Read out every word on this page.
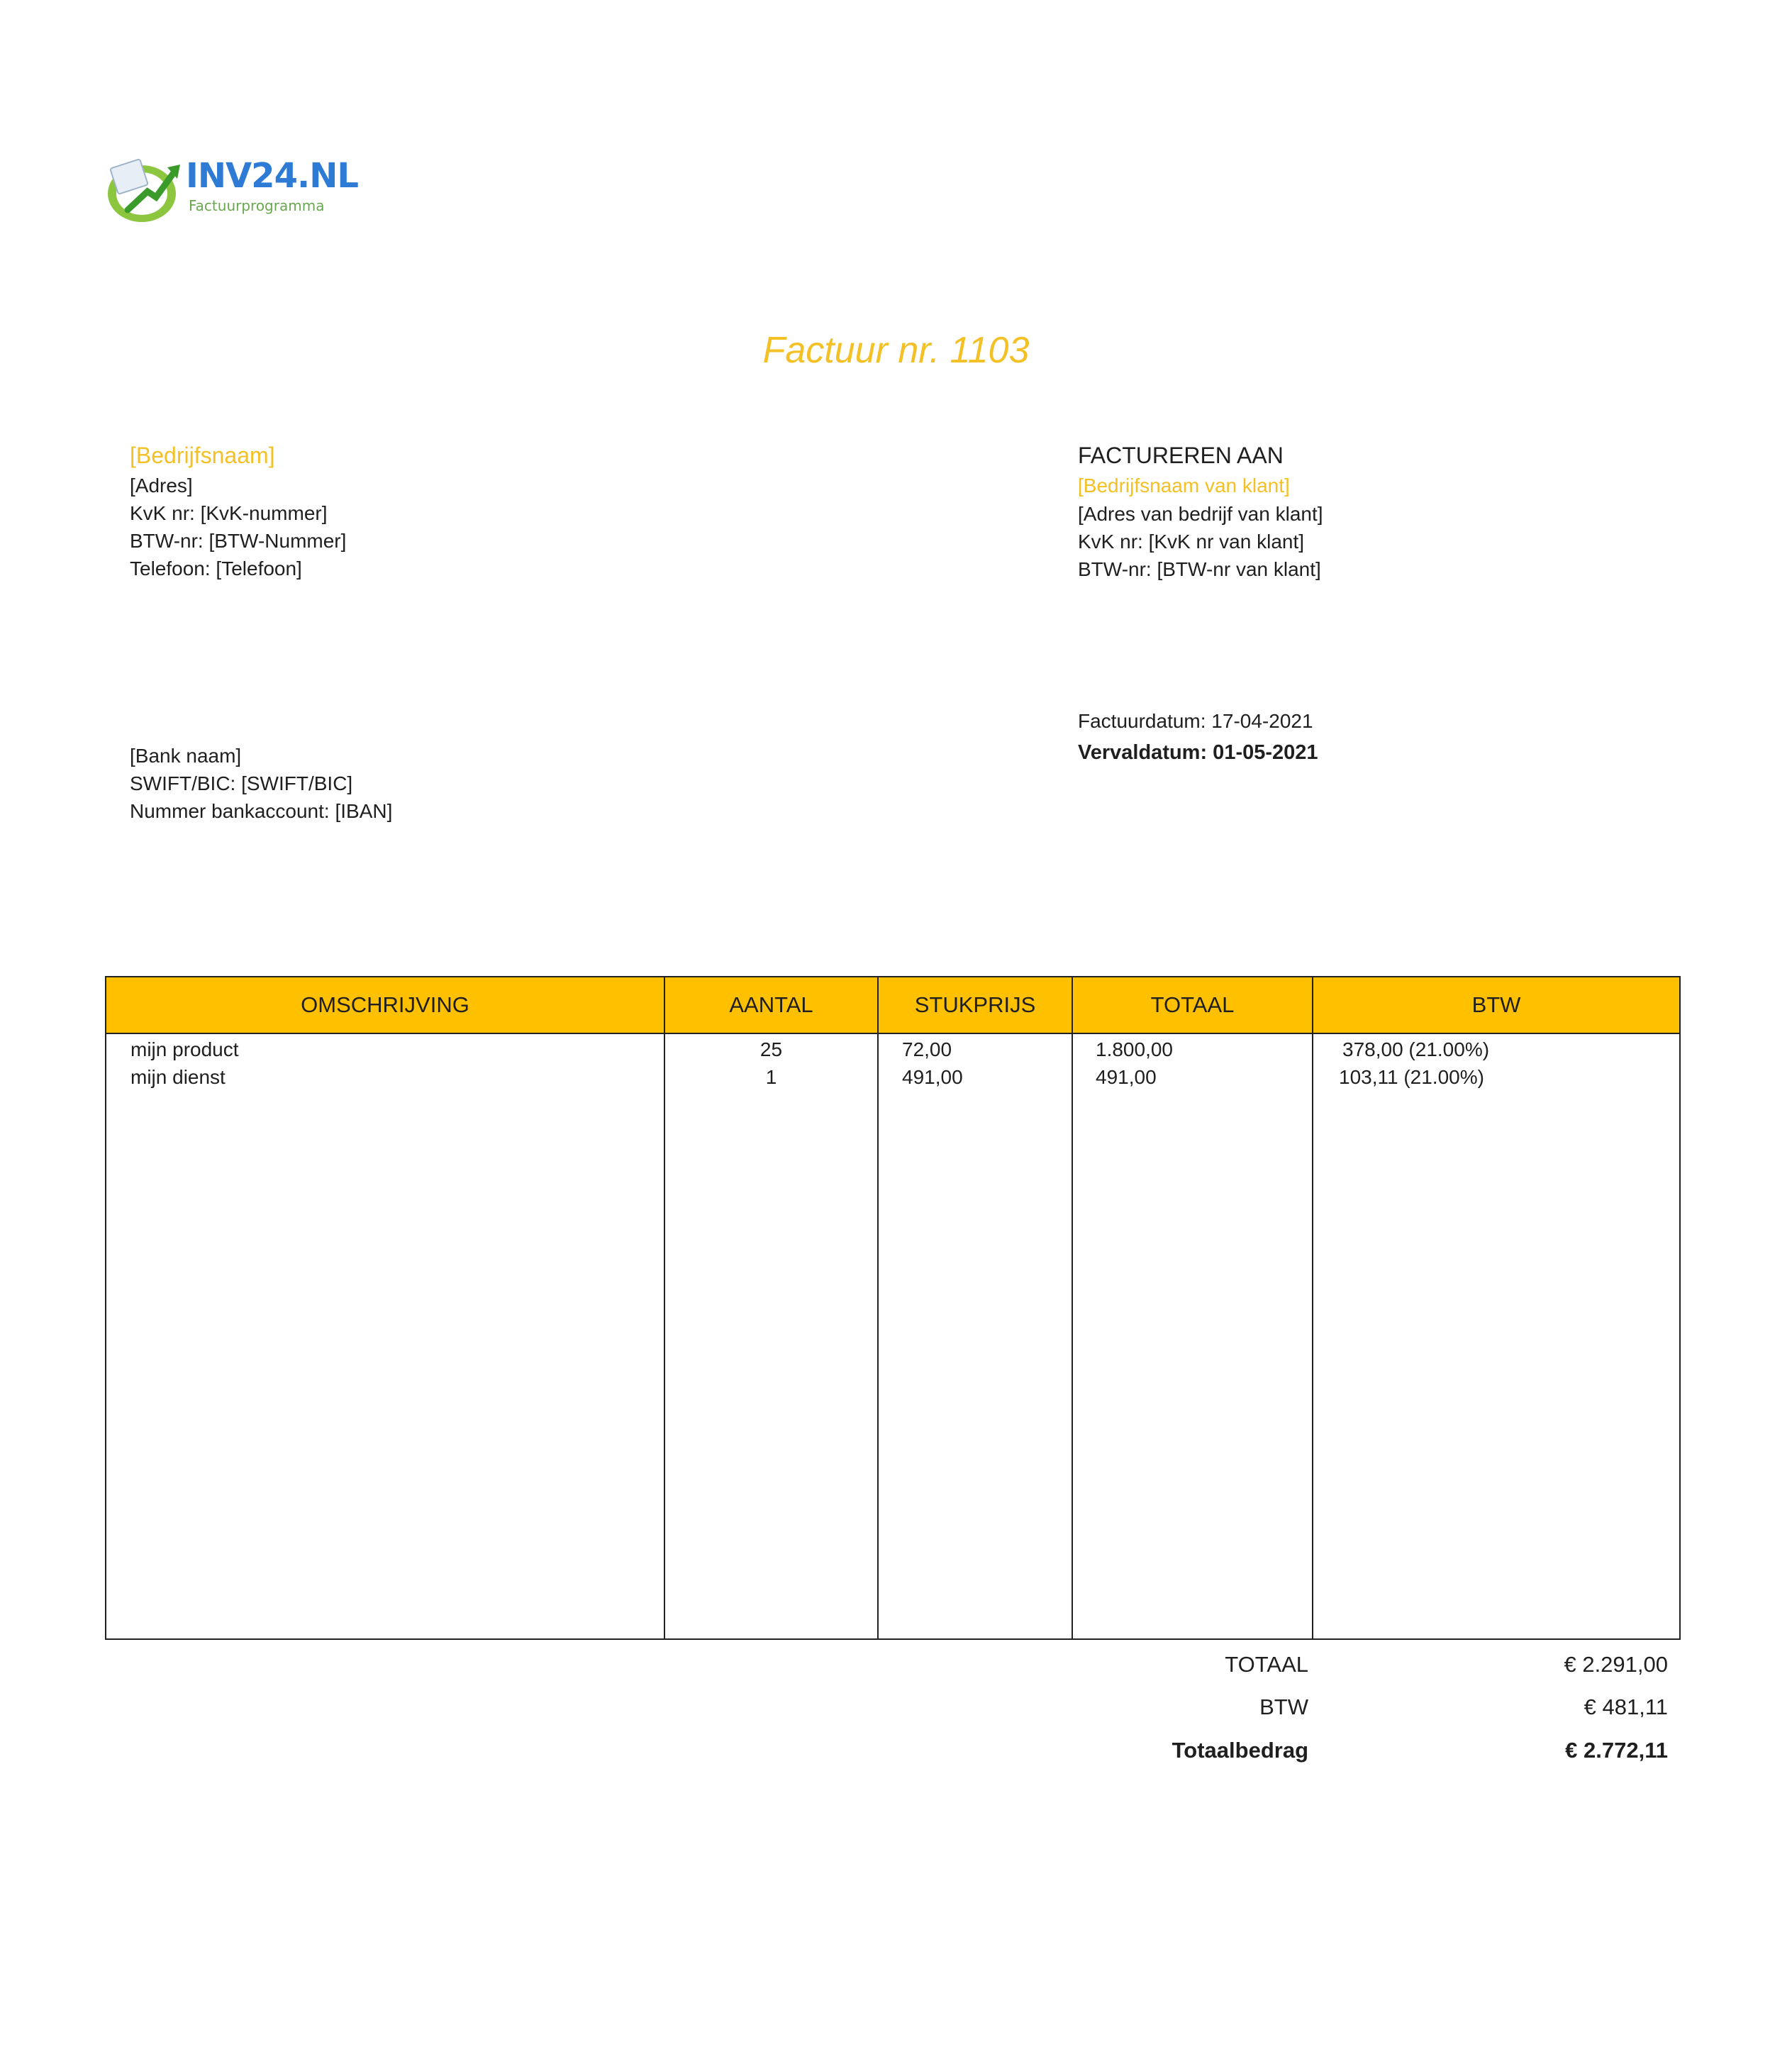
INV24.NL
Factuurprogramma
Factuur nr. 1103
[Bedrijfsnaam]
[Adres]
KvK nr: [KvK-nummer]
BTW-nr: [BTW-Nummer]
Telefoon: [Telefoon]
FACTUREREN AAN
[Bedrijfsnaam van klant]
[Adres van bedrijf van klant]
KvK nr: [KvK nr van klant]
BTW-nr: [BTW-nr van klant]
[Bank naam]
SWIFT/BIC: [SWIFT/BIC]
Nummer bankaccount: [IBAN]
Factuurdatum: 17-04-2021
Vervaldatum: 01-05-2021
OMSCHRIJVING	AANTAL	STUKPRIJS	TOTAAL	BTW
mijn product	25	72,00	1.800,00	378,00 (21.00%)
mijn dienst	1	491,00	491,00	103,11 (21.00%)
TOTAAL	€ 2.291,00
BTW	€ 481,11
Totaalbedrag	€ 2.772,11
